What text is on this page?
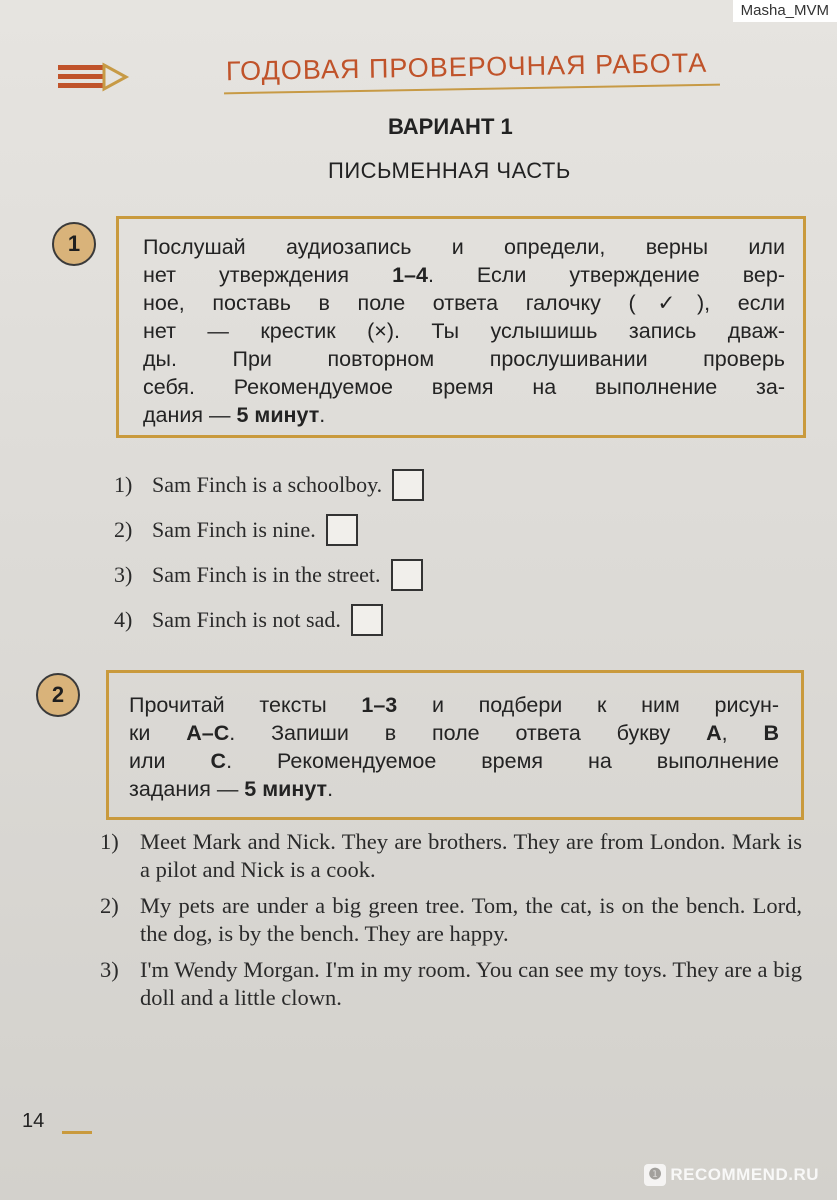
Masha_MVM
ГОДОВАЯ ПРОВЕРОЧНАЯ РАБОТА
ВАРИАНТ 1
ПИСЬМЕННАЯ ЧАСТЬ
1	Послушай аудиозапись и определи, верны или

нет утверждения 1–4. Если утверждение вер-

ное, поставь в поле ответа галочку (✓), если

нет — крестик (×). Ты услышишь запись дваж-

ды. При повторном прослушивании проверь

себя. Рекомендуемое время на выполнение за-

дания — 5 минут.

1) Sam Finch is a schoolboy.
2) Sam Finch is nine.
3) Sam Finch is in the street.
4) Sam Finch is not sad.
2	Прочитай тексты 1–3 и подбери к ним рисун-

ки A–C. Запиши в поле ответа букву A, B

или C. Рекомендуемое время на выполнение

задания — 5 минут.

1) Meet Mark and Nick. They are brothers. They are from London. Mark is a pilot and Nick is a cook.
2) My pets are under a big green tree. Tom, the cat, is on the bench. Lord, the dog, is by the bench. They are happy.
3) I'm Wendy Morgan. I'm in my room. You can see my toys. They are a big doll and a little clown.
14
❶ RECOMMEND.RU
